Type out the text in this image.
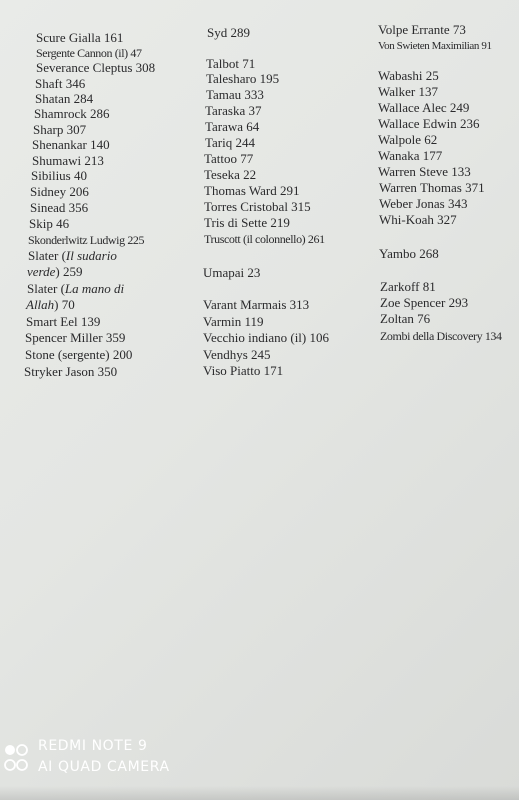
Scure Gialla 161
Sergente Cannon (il) 47
Severance Cleptus 308
Shaft 346
Shatan 284
Shamrock 286
Sharp 307
Shenankar 140
Shumawi 213
Sibilius 40
Sidney 206
Sinead 356
Skip 46
Skonderlwitz Ludwig 225
Slater (Il sudario
verde) 259
Slater (La mano di
Allah) 70
Smart Eel 139
Spencer Miller 359
Stone (sergente) 200
Stryker Jason 350
Syd 289
Talbot 71
Talesharo 195
Tamau 333
Taraska 37
Tarawa 64
Tariq 244
Tattoo 77
Teseka 22
Thomas Ward 291
Torres Cristobal 315
Tris di Sette 219
Truscott (il colonnello) 261
Umapai 23
Varant Marmais 313
Varmin 119
Vecchio indiano (il) 106
Vendhys 245
Viso Piatto 171
Volpe Errante 73
Von Swieten Maximilian 91
Wabashi 25
Walker 137
Wallace Alec 249
Wallace Edwin 236
Walpole 62
Wanaka 177
Warren Steve 133
Warren Thomas 371
Weber Jonas 343
Whi-Koah 327
Yambo 268
Zarkoff 81
Zoe Spencer 293
Zoltan 76
Zombi della Discovery 134
REDMI NOTE 9
AI QUAD CAMERA
